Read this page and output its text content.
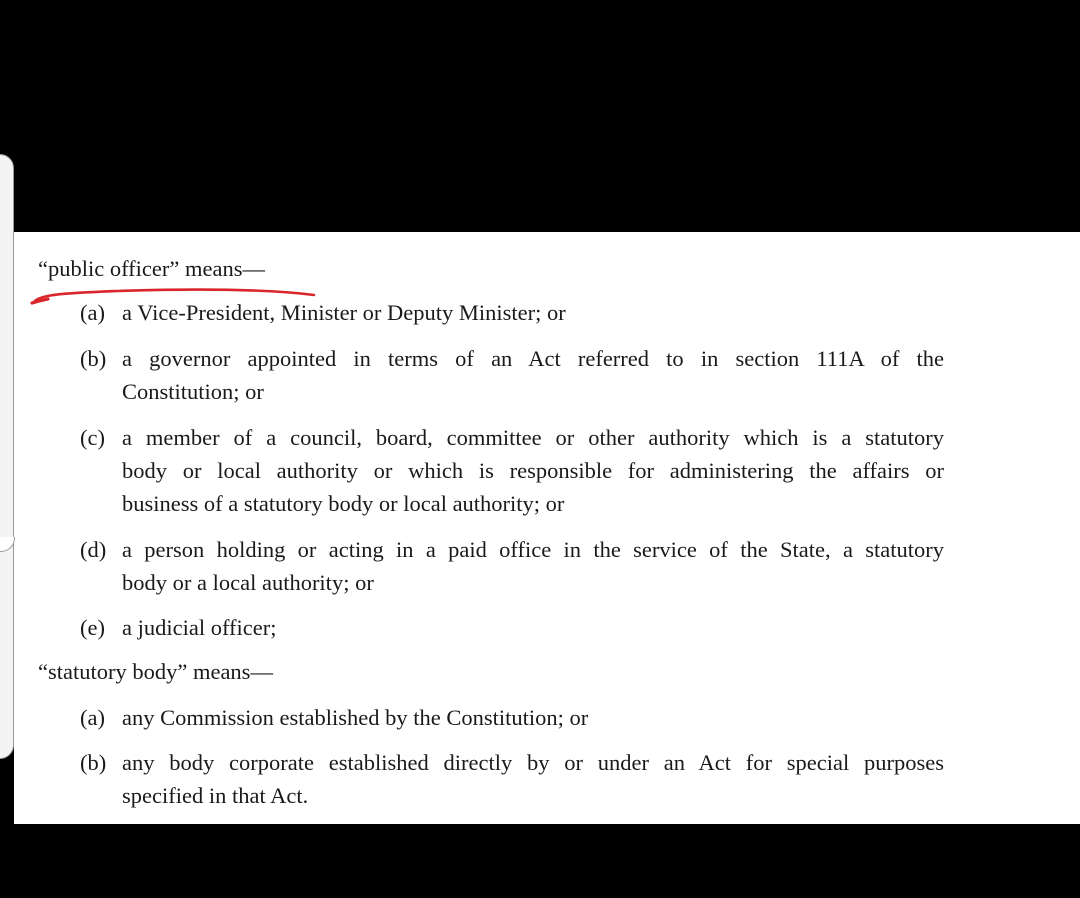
“public officer” means—
(a) a Vice-President, Minister or Deputy Minister; or
(b) a governor appointed in terms of an Act referred to in section 111A of the
Constitution; or
(c) a member of a council, board, committee or other authority which is a statutory
body or local authority or which is responsible for administering the affairs or
business of a statutory body or local authority; or
(d) a person holding or acting in a paid office in the service of the State, a statutory
body or a local authority; or
(e) a judicial officer;
“statutory body” means—
(a) any Commission established by the Constitution; or
(b) any body corporate established directly by or under an Act for special purposes
specified in that Act.
